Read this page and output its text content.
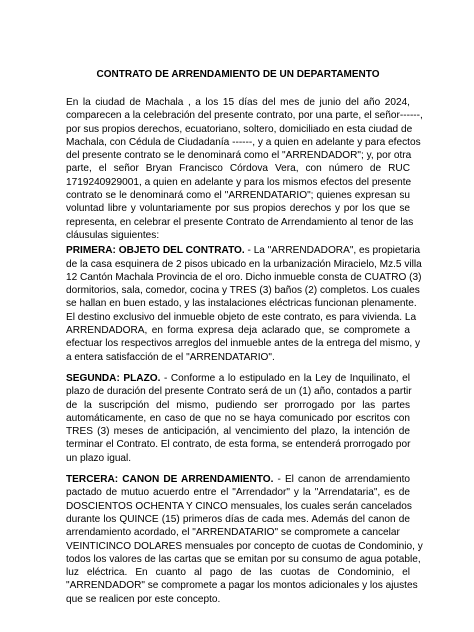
CONTRATO DE ARRENDAMIENTO DE UN DEPARTAMENTO
En la ciudad de Machala , a los 15 días del mes de junio del año 2024,
comparecen a la celebración del presente contrato, por una parte, el señor------,
por sus propios derechos, ecuatoriano, soltero, domiciliado en esta ciudad de
Machala, con Cédula de Ciudadanía ------, y a quien en adelante y para efectos
del presente contrato se le denominará como el "ARRENDADOR"; y, por otra
parte, el señor Bryan Francisco Córdova Vera, con número de RUC
1719240929001, a quien en adelante y para los mismos efectos del presente
contrato se le denominará como el "ARRENDATARIO"; quienes expresan su
voluntad libre y voluntariamente por sus propios derechos y por los que se
representa, en celebrar el presente Contrato de Arrendamiento al tenor de las
cláusulas siguientes:
PRIMERA: OBJETO DEL CONTRATO. - La "ARRENDADORA", es propietaria
de la casa esquinera de 2 pisos ubicado en la urbanización Miracielo, Mz.5 villa
12 Cantón Machala Provincia de el oro. Dicho inmueble consta de CUATRO (3)
dormitorios, sala, comedor, cocina y TRES (3) baños (2) completos. Los cuales
se hallan en buen estado, y las instalaciones eléctricas funcionan plenamente.
El destino exclusivo del inmueble objeto de este contrato, es para vivienda. La
ARRENDADORA, en forma expresa deja aclarado que, se compromete a
efectuar los respectivos arreglos del inmueble antes de la entrega del mismo, y
a entera satisfacción de el "ARRENDATARIO".
SEGUNDA: PLAZO. - Conforme a lo estipulado en la Ley de Inquilinato, el
plazo de duración del presente Contrato será de un (1) año, contados a partir
de la suscripción del mismo, pudiendo ser prorrogado por las partes
automáticamente, en caso de que no se haya comunicado por escritos con
TRES (3) meses de anticipación, al vencimiento del plazo, la intención de
terminar el Contrato. El contrato, de esta forma, se entenderá prorrogado por
un plazo igual.
TERCERA: CANON DE ARRENDAMIENTO. - El canon de arrendamiento
pactado de mutuo acuerdo entre el "Arrendador" y la "Arrendataria", es de
DOSCIENTOS OCHENTA Y CINCO mensuales, los cuales serán cancelados
durante los QUINCE (15) primeros días de cada mes. Además del canon de
arrendamiento acordado, el "ARRENDATARIO" se compromete a cancelar
VEINTICINCO DOLARES mensuales por concepto de cuotas de Condominio, y
todos los valores de las cartas que se emitan por su consumo de agua potable,
luz eléctrica. En cuanto al pago de las cuotas de Condominio, el
"ARRENDADOR" se compromete a pagar los montos adicionales y los ajustes
que se realicen por este concepto.
